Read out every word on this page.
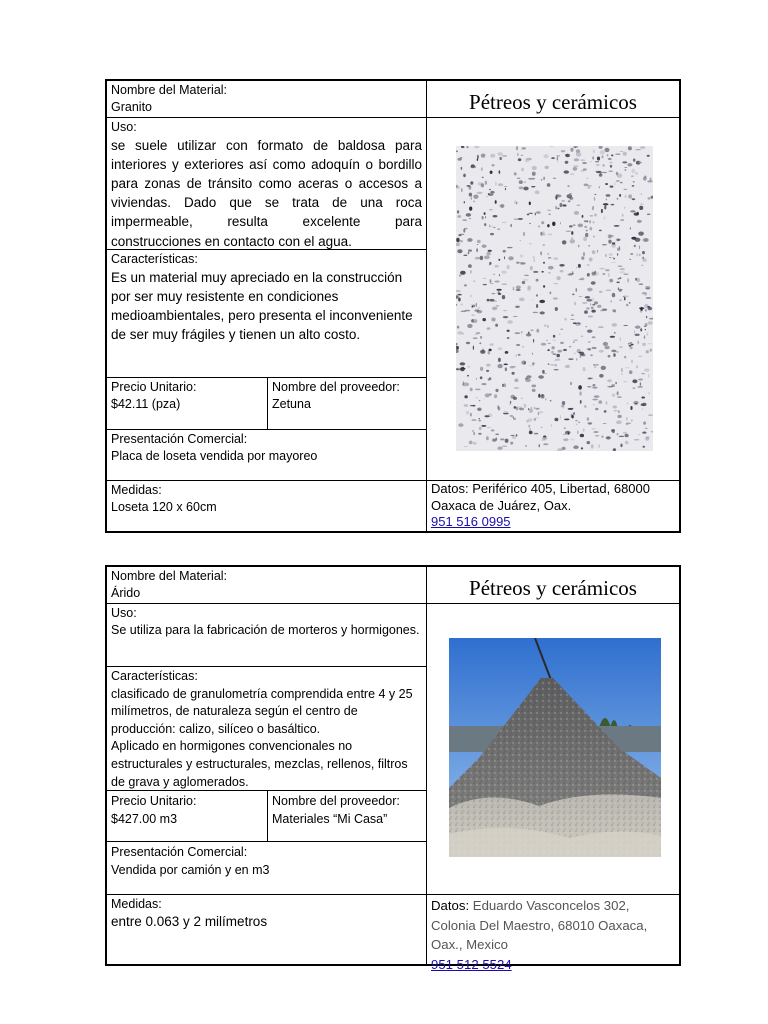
Nombre del Material:
Granito	Pétreos y cerámicos
Uso:
se suele utilizar con formato de baldosa para interiores y exteriores así como adoquín o bordillo para zonas de tránsito como aceras o accesos a viviendas. Dado que se trata de una roca impermeable, resulta excelente para construcciones en contacto con el agua.
Características:
Es un material muy apreciado en la construcción por ser muy resistente en condiciones medioambientales, pero presenta el inconveniente de ser muy frágiles y tienen un alto costo.
Precio Unitario:
$42.11 (pza)
Nombre del proveedor:
Zetuna
Presentación Comercial:
Placa de loseta vendida por mayoreo
Medidas:
Loseta 120 x 60cm
Datos: Periférico 405, Libertad, 68000 Oaxaca de Juárez, Oax.
951 516 0995
Nombre del Material:
Árido	Pétreos y cerámicos
Uso:
Se utiliza para la fabricación de morteros y hormigones.
Características:
clasificado de granulometría comprendida entre 4 y 25
milímetros, de naturaleza según el centro de
producción: calizo, silíceo o basáltico.
Aplicado en hormigones convencionales no
estructurales y estructurales, mezclas, rellenos, filtros
de grava y aglomerados.
Precio Unitario:
$427.00 m3
Nombre del proveedor:
Materiales “Mi Casa”
Presentación Comercial:
Vendida por camión y en m3
Medidas:
entre 0.063 y 2 milímetros
Datos: Eduardo Vasconcelos 302, Colonia Del Maestro, 68010 Oaxaca, Oax., Mexico
951 512 5524
